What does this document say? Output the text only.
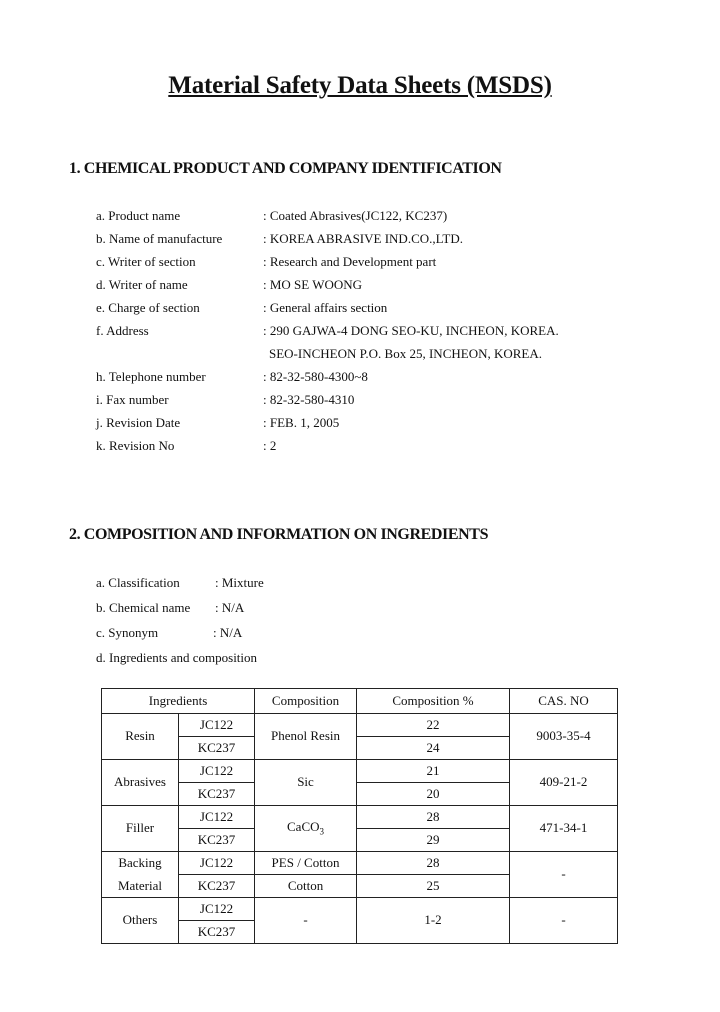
Material Safety Data Sheets (MSDS)
1. CHEMICAL PRODUCT AND COMPANY IDENTIFICATION
a. Product name	: Coated Abrasives(JC122, KC237)
b. Name of manufacture	: KOREA ABRASIVE IND.CO.,LTD.
c. Writer of section	: Research and Development part
d. Writer of name	: MO SE WOONG
e. Charge of section	: General affairs section
f. Address	: 290 GAJWA-4 DONG SEO-KU, INCHEON, KOREA.
SEO-INCHEON P.O. Box 25, INCHEON, KOREA.
h. Telephone number	: 82-32-580-4300~8
i. Fax number	: 82-32-580-4310
j. Revision Date	: FEB. 1, 2005
k. Revision No	: 2
2. COMPOSITION AND INFORMATION ON INGREDIENTS
a. Classification	: Mixture
b. Chemical name : N/A
c. Synonym	: N/A
d. Ingredients and composition
Ingredients		Composition	Composition %	CAS. NO
Resin	JC122	Phenol Resin	22	9003-35-4
	KC237		24	
Abrasives	JC122	Sic	21	409-21-2
	KC237		20	
Filler	JC122	CaCO$_3$	28	471-34-1
	KC237		29	
Backing	JC122	PES / Cotton	28	-
Material	KC237	Cotton	25	
Others	JC122	-	1-2	-
	KC237			
